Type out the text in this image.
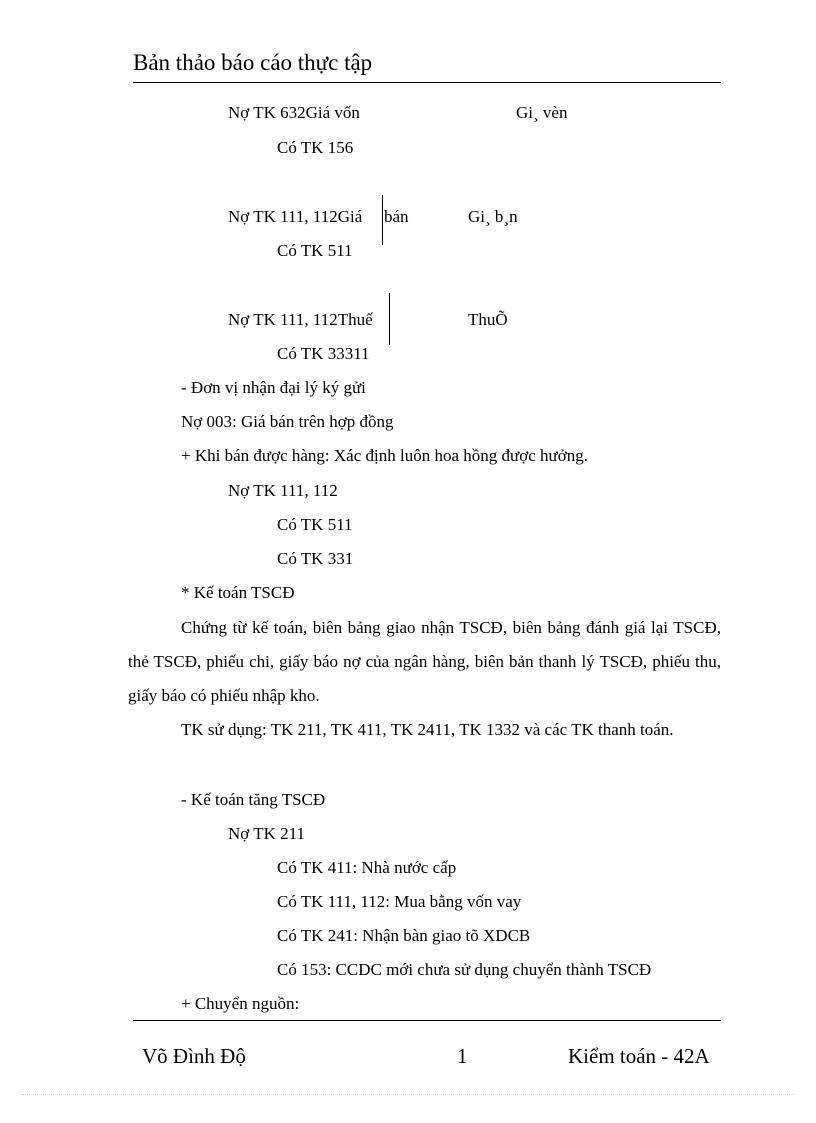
Bản thảo báo cáo thực tập
Nợ TK 632Giá vốn	Gi¸ vèn
Có TK 156
Nợ TK 111, 112Giá bán	Gi¸ b¸n
Có TK 511
Nợ TK 111, 112Thuế	ThuÕ
Có TK 33311
- Đơn vị nhận đại lý ký gửi
Nợ 003: Giá bán trên hợp đồng
+ Khi bán được hàng: Xác định luôn hoa hồng được hưởng.
Nợ TK 111, 112
Có TK 511
Có TK 331
* Kế toán TSCĐ

Chứng từ kế toán, biên bảng giao nhận TSCĐ, biên bảng đánh giá lại TSCĐ, thẻ TSCĐ, phiếu chi, giấy báo nợ của ngân hàng, biên bản thanh lý TSCĐ, phiếu thu, giấy báo có phiếu nhập kho.

TK sử dụng: TK 211, TK 411, TK 2411, TK 1332 và các TK thanh toán.

- Kế toán tăng TSCĐ
Nợ TK 211
Có TK 411: Nhà nước cấp
Có TK 111, 112: Mua bằng vốn vay
Có TK 241: Nhận bàn giao tõ XDCB
Có 153: CCDC mới chưa sử dụng chuyển thành TSCĐ
+ Chuyển nguồn:
Võ Đình Độ	1	Kiểm toán - 42A
